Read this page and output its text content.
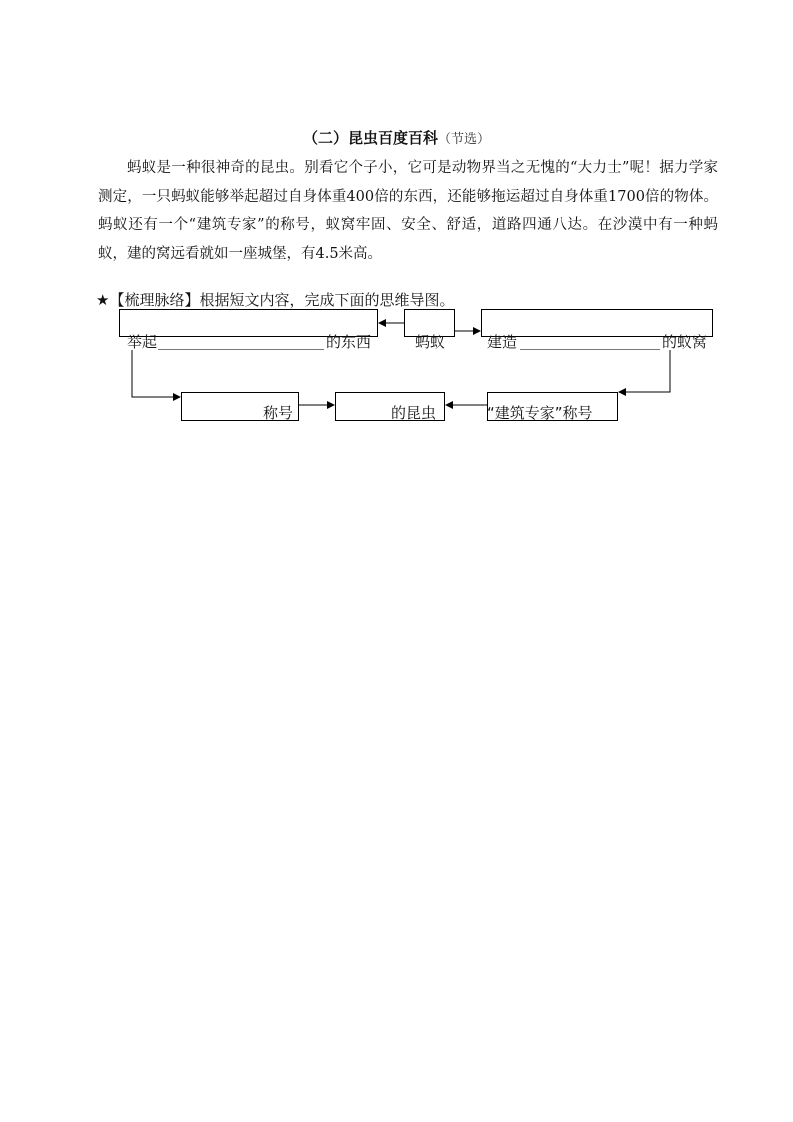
（二）昆虫百度百科（节选）

蚂蚁是一种很神奇的昆虫。别看它个子小，它可是动物界当之无愧的“大力士”呢！据力学家测定，一只蚂蚁能够举起超过自身体重400倍的东西，还能够拖运超过自身体重1700倍的物体。蚂蚁还有一个“建筑专家”的称号，蚁窝牢固、安全、舒适，道路四通八达。在沙漠中有一种蚂蚁，建的窝远看就如一座城堡，有4.5米高。

★【梳理脉络】根据短文内容，完成下面的思维导图。
举起	的东西	蚂蚁	建造	的蚁窝
称号	的昆虫	“建筑专家”称号
